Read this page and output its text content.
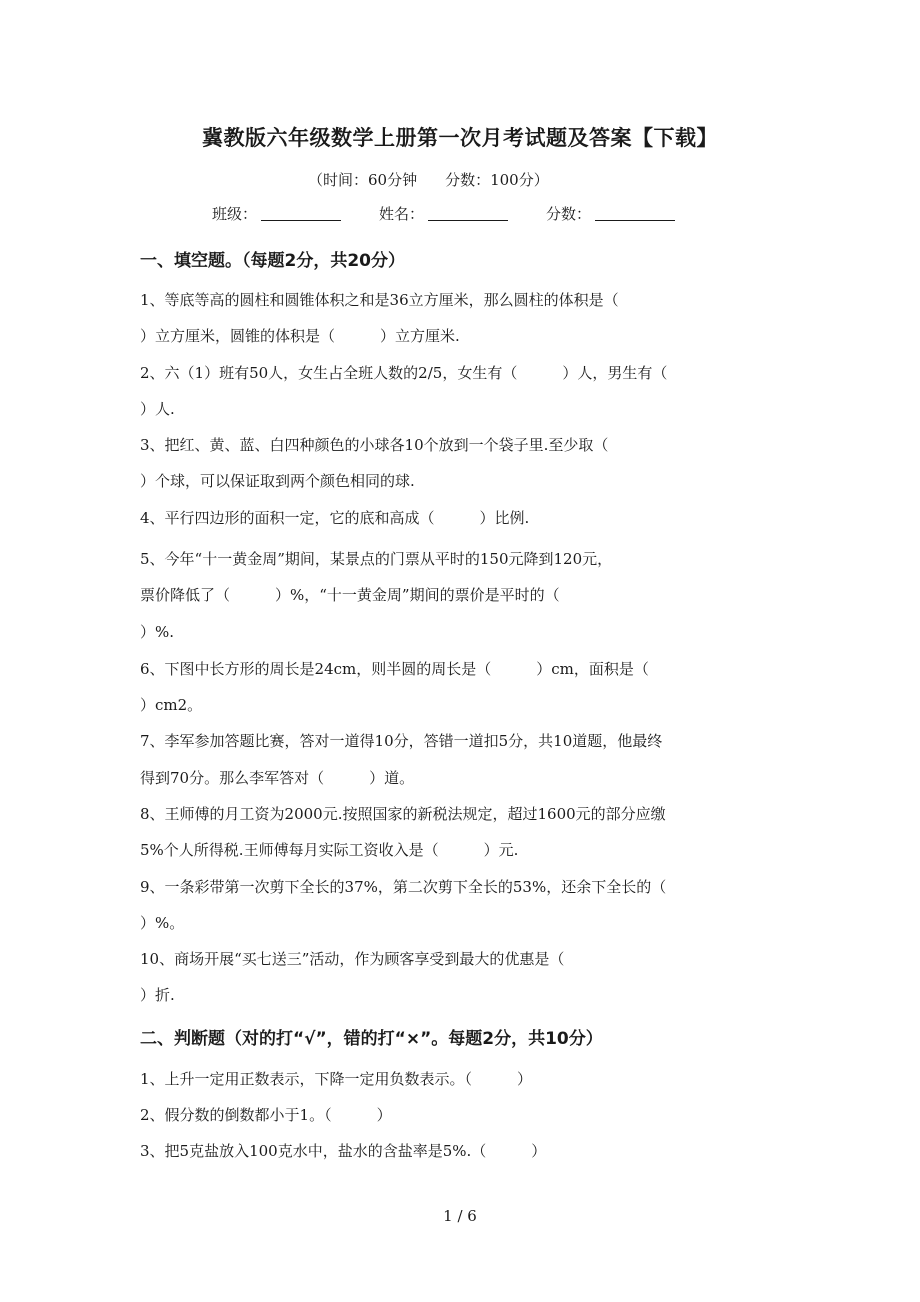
冀教版六年级数学上册第一次月考试题及答案【下载】
（时间：60分钟 分数：100分）
班级：	姓名：	分数：
一、填空题。（每题2分，共20分）
1、等底等高的圆柱和圆锥体积之和是36立方厘米，那么圆柱的体积是（
）立方厘米，圆锥的体积是（　　　）立方厘米.
2、六（1）班有50人，女生占全班人数的2/5，女生有（　　　）人，男生有（
）人.
3、把红、黄、蓝、白四种颜色的小球各10个放到一个袋子里.至少取（
）个球，可以保证取到两个颜色相同的球.
4、平行四边形的面积一定，它的底和高成（　　　）比例.
5、今年“十一黄金周”期间，某景点的门票从平时的150元降到120元，
票价降低了（　　　）%，“十一黄金周”期间的票价是平时的（
）%.
6、下图中长方形的周长是24cm，则半圆的周长是（　　　）cm，面积是（
）cm2。
7、李军参加答题比赛，答对一道得10分，答错一道扣5分，共10道题，他最终
得到70分。那么李军答对（　　　）道。
8、王师傅的月工资为2000元.按照国家的新税法规定，超过1600元的部分应缴
5%个人所得税.王师傅每月实际工资收入是（　　　）元.
9、一条彩带第一次剪下全长的37%，第二次剪下全长的53%，还余下全长的（
）%。
10、商场开展“买七送三”活动，作为顾客享受到最大的优惠是（
）折.
二、判断题（对的打“√”，错的打“×”。每题2分，共10分）
1、上升一定用正数表示，下降一定用负数表示。（　　　）
2、假分数的倒数都小于1。（　　　）
3、把5克盐放入100克水中，盐水的含盐率是5%.（　　　）
1 / 6
